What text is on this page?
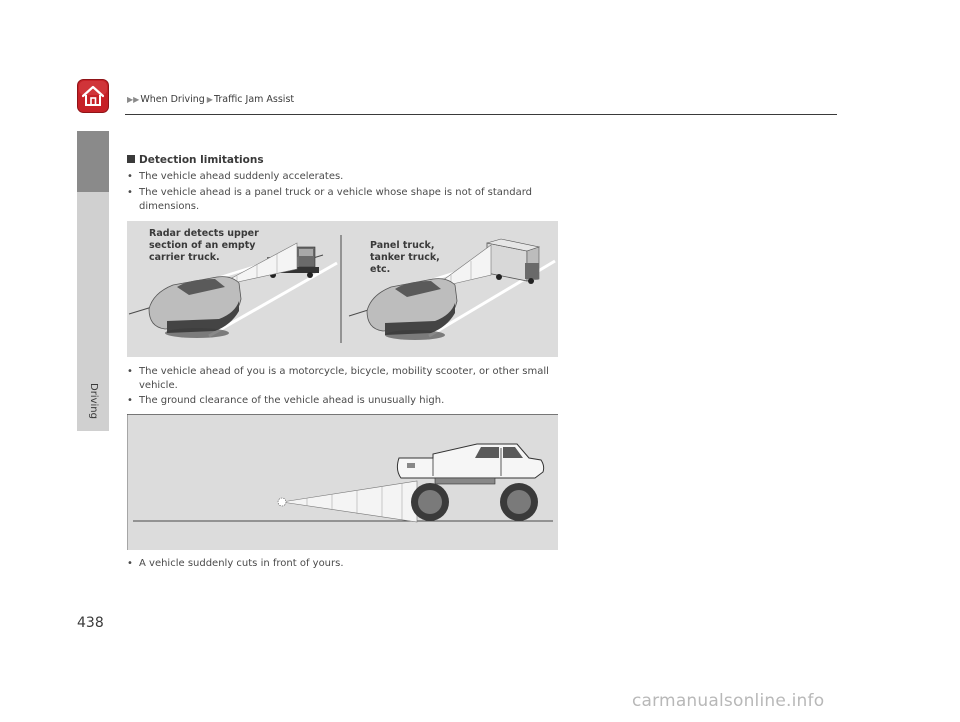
▶▶When Driving ▶Traffic Jam Assist
Driving
Detection limitations
• The vehicle ahead suddenly accelerates.
• The vehicle ahead is a panel truck or a vehicle whose shape is not of standard dimensions.
Radar detects upper section of an empty carrier truck.
Panel truck, tanker truck, etc.
• The vehicle ahead of you is a motorcycle, bicycle, mobility scooter, or other small vehicle.
• The ground clearance of the vehicle ahead is unusually high.
• A vehicle suddenly cuts in front of yours.
438
carmanualsonline.info
